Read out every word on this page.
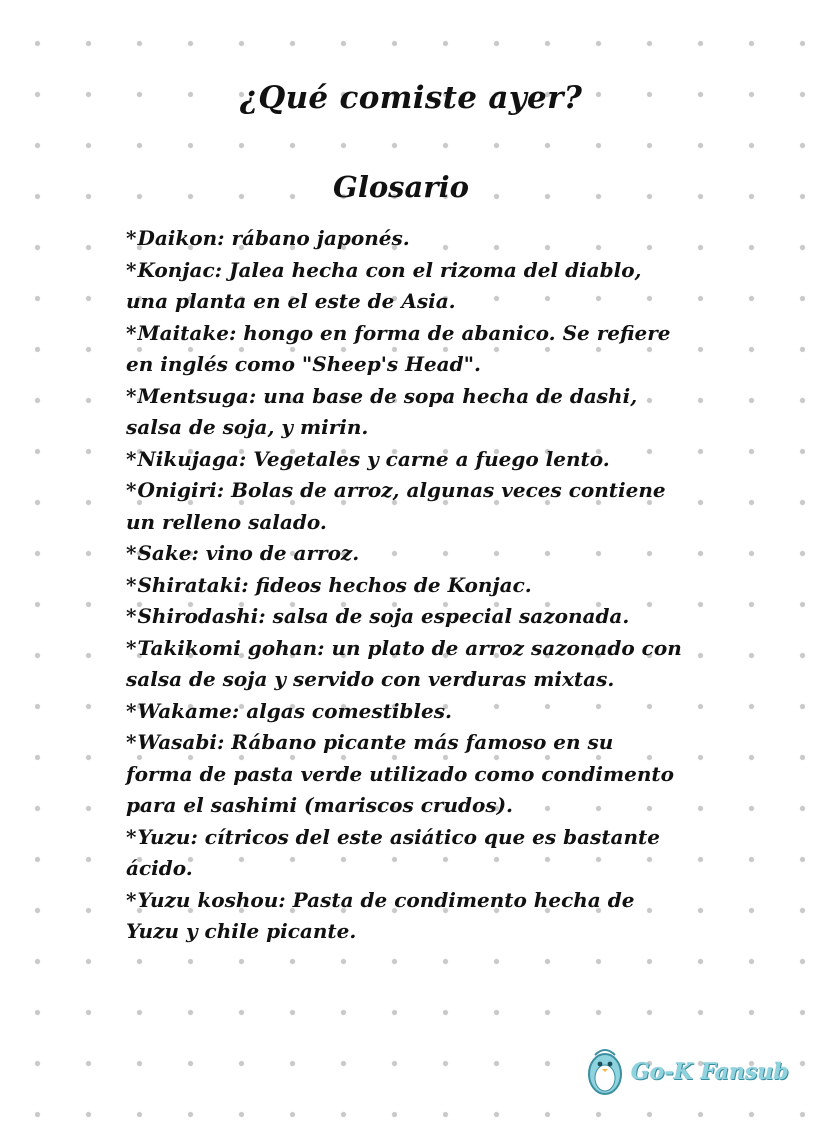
¿Qué comiste ayer?
Glosario
*Daikon: rábano japonés.
*Konjac: Jalea hecha con el rizoma del diablo, una planta en el este de Asia.
*Maitake: hongo en forma de abanico. Se refiere en inglés como "Sheep's Head".
*Mentsuga: una base de sopa hecha de dashi, salsa de soja, y mirin.
*Nikujaga: Vegetales y carne a fuego lento.
*Onigiri: Bolas de arroz, algunas veces contiene un relleno salado.
*Sake: vino de arroz.
*Shirataki: fideos hechos de Konjac.
*Shirodashi: salsa de soja especial sazonada.
*Takikomi gohan: un plato de arroz sazonado con salsa de soja y servido con verduras mixtas.
*Wakame: algas comestibles.
*Wasabi: Rábano picante más famoso en su forma de pasta verde utilizado como condimento para el sashimi (mariscos crudos).
*Yuzu: cítricos del este asiático que es bastante ácido.
*Yuzu koshou: Pasta de condimento hecha de Yuzu y chile picante.
Go-K Fansub
